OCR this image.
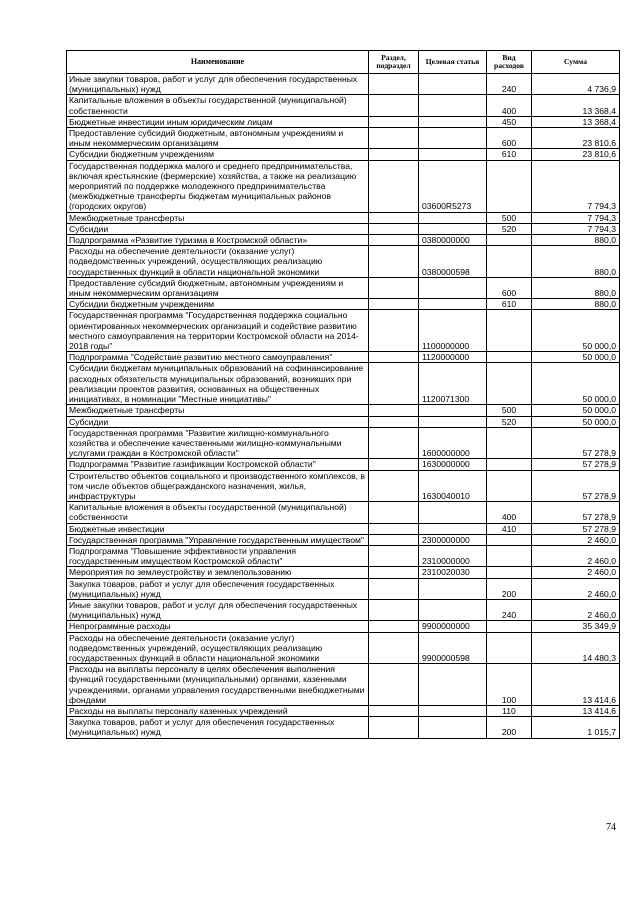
Наименование	Раздел, подраздел	Целевая статья	Вид расходов	Сумма
Иные закупки товаров, работ и услуг для обеспечения государственных (муниципальных) нужд			240	4 736,9
Капитальные вложения в объекты государственной (муниципальной) собственности			400	13 368,4
Бюджетные инвестиции иным юридическим лицам			450	13 368,4
Предоставление субсидий бюджетным, автономным учреждениям и иным некоммерческим организациям			600	23 810,6
Субсидии бюджетным учреждениям			610	23 810,6
Государственная поддержка малого и среднего предпринимательства, включая крестьянские (фермерские) хозяйства, а также на реализацию мероприятий по поддержке молодежного предпринимательства (межбюджетные трансферты бюджетам муниципальных районов (городских округов)		03600R5273		7 794,3
Межбюджетные трансферты			500	7 794,3
Субсидии			520	7 794,3
Подпрограмма «Развитие туризма в Костромской области»		0380000000		880,0
Расходы на обеспечение деятельности (оказание услуг) подведомственных учреждений, осуществляющих реализацию государственных функций в области национальной экономики		0380000598		880,0
Предоставление субсидий бюджетным, автономным учреждениям и иным некоммерческим организациям			600	880,0
Субсидии бюджетным учреждениям			610	880,0
Государственная программа "Государственная поддержка социально ориентированных некоммерческих организаций и содействие развитию местного самоуправления на территории Костромской области на 2014-2018 годы"		1100000000		50 000,0
Подпрограмма "Содействие развитию местного самоуправления"		1120000000		50 000,0
Субсидии бюджетам муниципальных образований на софинансирование расходных обязательств муниципальных образований, возникших при реализации проектов развития, основанных на общественных инициативах, в номинации "Местные инициативы"		1120071300		50 000,0
Межбюджетные трансферты			500	50 000,0
Субсидии			520	50 000,0
Государственная программа "Развитие жилищно-коммунального хозяйства и обеспечение качественными жилищно-коммунальными услугами граждан в Костромской области"		1600000000		57 278,9
Подпрограмма "Развитие газификации Костромской области"		1630000000		57 278,9
Строительство объектов социального и производственного комплексов, в том числе объектов общегражданского назначения, жилья, инфраструктуры		1630040010		57 278,9
Капитальные вложения в объекты государственной (муниципальной) собственности			400	57 278,9
Бюджетные инвестиции			410	57 278,9
Государственная программа "Управление государственным имуществом"		2300000000		2 460,0
Подпрограмма "Повышение эффективности управления государственным имуществом Костромской области"		2310000000		2 460,0
Мероприятия по землеустройству и землепользованию		2310020030		2 460,0
Закупка товаров, работ и услуг для обеспечения государственных (муниципальных) нужд			200	2 460,0
Иные закупки товаров, работ и услуг для обеспечения государственных (муниципальных) нужд			240	2 460,0
Непрограммные расходы		9900000000		35 349,9
Расходы на обеспечение деятельности (оказание услуг) подведомственных учреждений, осуществляющих реализацию государственных функций в области национальной экономики		9900000598		14 480,3
Расходы на выплаты персоналу в целях обеспечения выполнения функций государственными (муниципальными) органами, казенными учреждениями, органами управления государственными внебюджетными фондами			100	13 414,6
Расходы на выплаты персоналу казенных учреждений			110	13 414,6
Закупка товаров, работ и услуг для обеспечения государственных (муниципальных) нужд			200	1 015,7
74
